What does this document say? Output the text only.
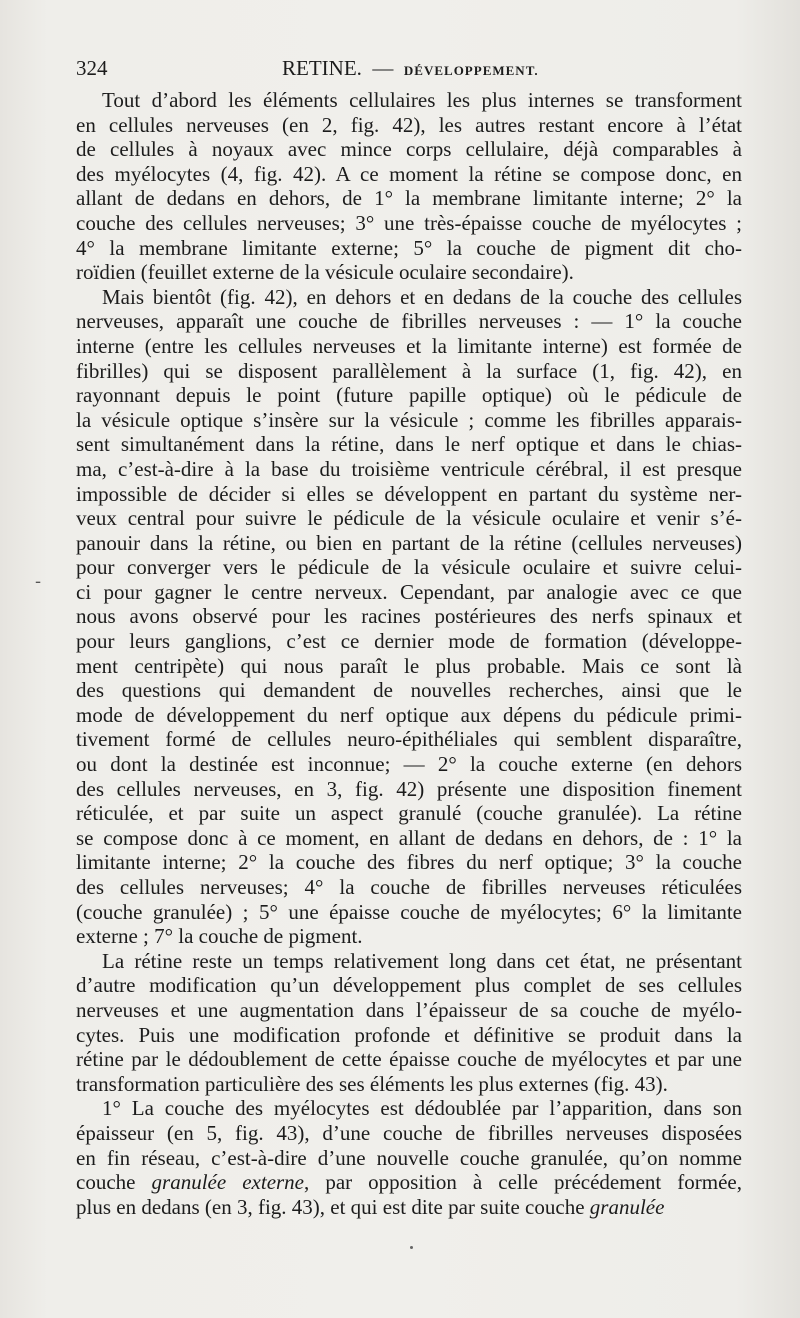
324	RETINE. — DÉVELOPPEMENT.
-
Tout d’abord les éléments cellulaires les plus internes se transforment
en cellules nerveuses (en 2, fig. 42), les autres restant encore à l’état
de cellules à noyaux avec mince corps cellulaire, déjà comparables à
des myélocytes (4, fig. 42). A ce moment la rétine se compose donc, en
allant de dedans en dehors, de 1° la membrane limitante interne; 2° la
couche des cellules nerveuses; 3° une très-épaisse couche de myélocytes ;
4° la membrane limitante externe; 5° la couche de pigment dit cho-
roïdien (feuillet externe de la vésicule oculaire secondaire).
Mais bientôt (fig. 42), en dehors et en dedans de la couche des cellules
nerveuses, apparaît une couche de fibrilles nerveuses : — 1° la couche
interne (entre les cellules nerveuses et la limitante interne) est formée de
fibrilles) qui se disposent parallèlement à la surface (1, fig. 42), en
rayonnant depuis le point (future papille optique) où le pédicule de
la vésicule optique s’insère sur la vésicule ; comme les fibrilles apparais-
sent simultanément dans la rétine, dans le nerf optique et dans le chias-
ma, c’est-à-dire à la base du troisième ventricule cérébral, il est presque
impossible de décider si elles se développent en partant du système ner-
veux central pour suivre le pédicule de la vésicule oculaire et venir s’é-
panouir dans la rétine, ou bien en partant de la rétine (cellules nerveuses)
pour converger vers le pédicule de la vésicule oculaire et suivre celui-
ci pour gagner le centre nerveux. Cependant, par analogie avec ce que
nous avons observé pour les racines postérieures des nerfs spinaux et
pour leurs ganglions, c’est ce dernier mode de formation (développe-
ment centripète) qui nous paraît le plus probable. Mais ce sont là
des questions qui demandent de nouvelles recherches, ainsi que le
mode de développement du nerf optique aux dépens du pédicule primi-
tivement formé de cellules neuro-épithéliales qui semblent disparaître,
ou dont la destinée est inconnue; — 2° la couche externe (en dehors
des cellules nerveuses, en 3, fig. 42) présente une disposition finement
réticulée, et par suite un aspect granulé (couche granulée). La rétine
se compose donc à ce moment, en allant de dedans en dehors, de : 1° la
limitante interne; 2° la couche des fibres du nerf optique; 3° la couche
des cellules nerveuses; 4° la couche de fibrilles nerveuses réticulées
(couche granulée) ; 5° une épaisse couche de myélocytes; 6° la limitante
externe ; 7° la couche de pigment.
La rétine reste un temps relativement long dans cet état, ne présentant
d’autre modification qu’un développement plus complet de ses cellules
nerveuses et une augmentation dans l’épaisseur de sa couche de myélo-
cytes. Puis une modification profonde et définitive se produit dans la
rétine par le dédoublement de cette épaisse couche de myélocytes et par une
transformation particulière des ses éléments les plus externes (fig. 43).
1° La couche des myélocytes est dédoublée par l’apparition, dans son
épaisseur (en 5, fig. 43), d’une couche de fibrilles nerveuses disposées
en fin réseau, c’est-à-dire d’une nouvelle couche granulée, qu’on nomme
couche granulée externe, par opposition à celle précédement formée,
plus en dedans (en 3, fig. 43), et qui est dite par suite couche granulée
